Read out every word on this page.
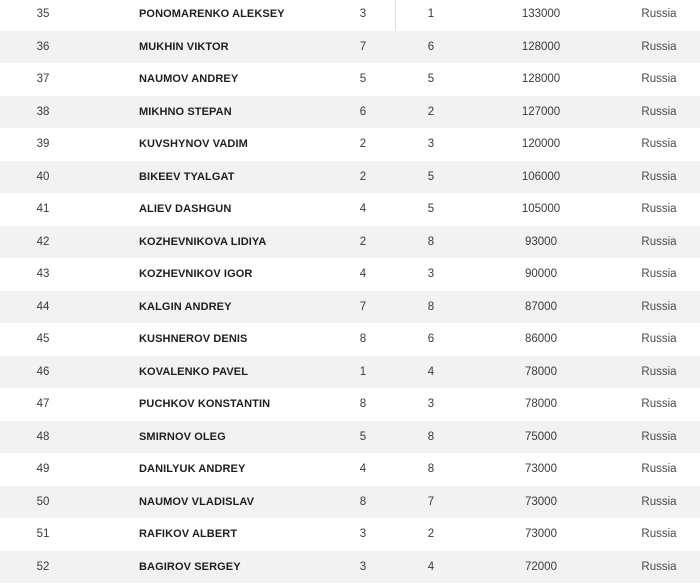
35	PONOMARENKO ALEKSEY	3	1	133000	Russia
36	MUKHIN VIKTOR	7	6	128000	Russia
37	NAUMOV ANDREY	5	5	128000	Russia
38	MIKHNO STEPAN	6	2	127000	Russia
39	KUVSHYNOV VADIM	2	3	120000	Russia
40	BIKEEV TYALGAT	2	5	106000	Russia
41	ALIEV DASHGUN	4	5	105000	Russia
42	KOZHEVNIKOVA LIDIYA	2	8	93000	Russia
43	KOZHEVNIKOV IGOR	4	3	90000	Russia
44	KALGIN ANDREY	7	8	87000	Russia
45	KUSHNEROV DENIS	8	6	86000	Russia
46	KOVALENKO PAVEL	1	4	78000	Russia
47	PUCHKOV KONSTANTIN	8	3	78000	Russia
48	SMIRNOV OLEG	5	8	75000	Russia
49	DANILYUK ANDREY	4	8	73000	Russia
50	NAUMOV VLADISLAV	8	7	73000	Russia
51	RAFIKOV ALBERT	3	2	73000	Russia
52	BAGIROV SERGEY	3	4	72000	Russia
